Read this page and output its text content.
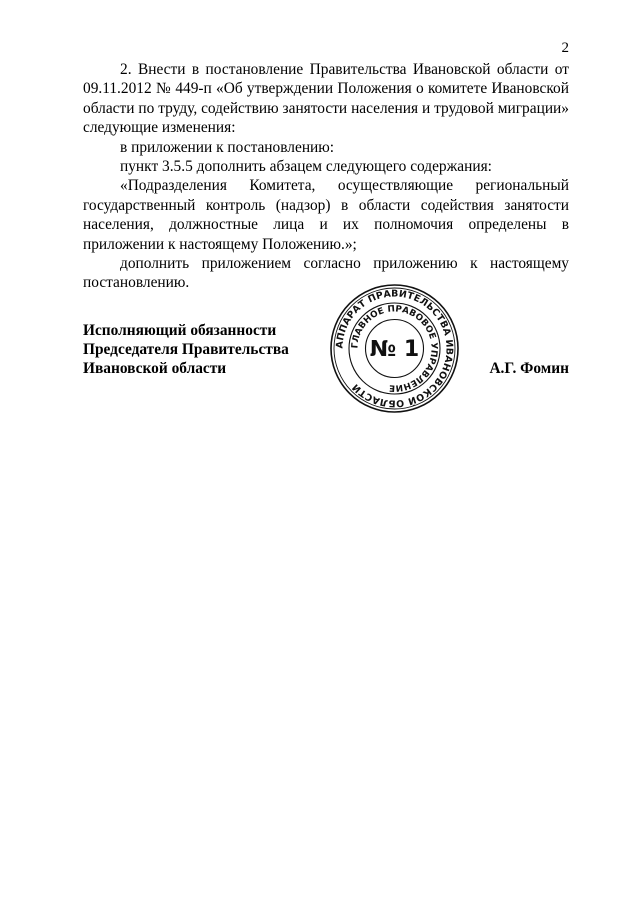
2

2. Внести в постановление Правительства Ивановской области от 09.11.2012 № 449-п «Об утверждении Положения о комитете Ивановской области по труду, содействию занятости населения и трудовой миграции» следующие изменения:

в приложении к постановлению:

пункт 3.5.5 дополнить абзацем следующего содержания:

«Подразделения Комитета, осуществляющие региональный государственный контроль (надзор) в области содействия занятости населения, должностные лица и их полномочия определены в приложении к настоящему Положению.»;

дополнить приложением согласно приложению к настоящему постановлению.

Исполняющий обязанности
Председателя Правительства
Ивановской области	А.Г. Фомин
АППАРАТ ПРАВИТЕЛЬСТВА ИВАНОВСКОЙ ОБЛАСТИ
ГЛАВНОЕ ПРАВОВОЕ УПРАВЛЕНИЕ
№ 1
